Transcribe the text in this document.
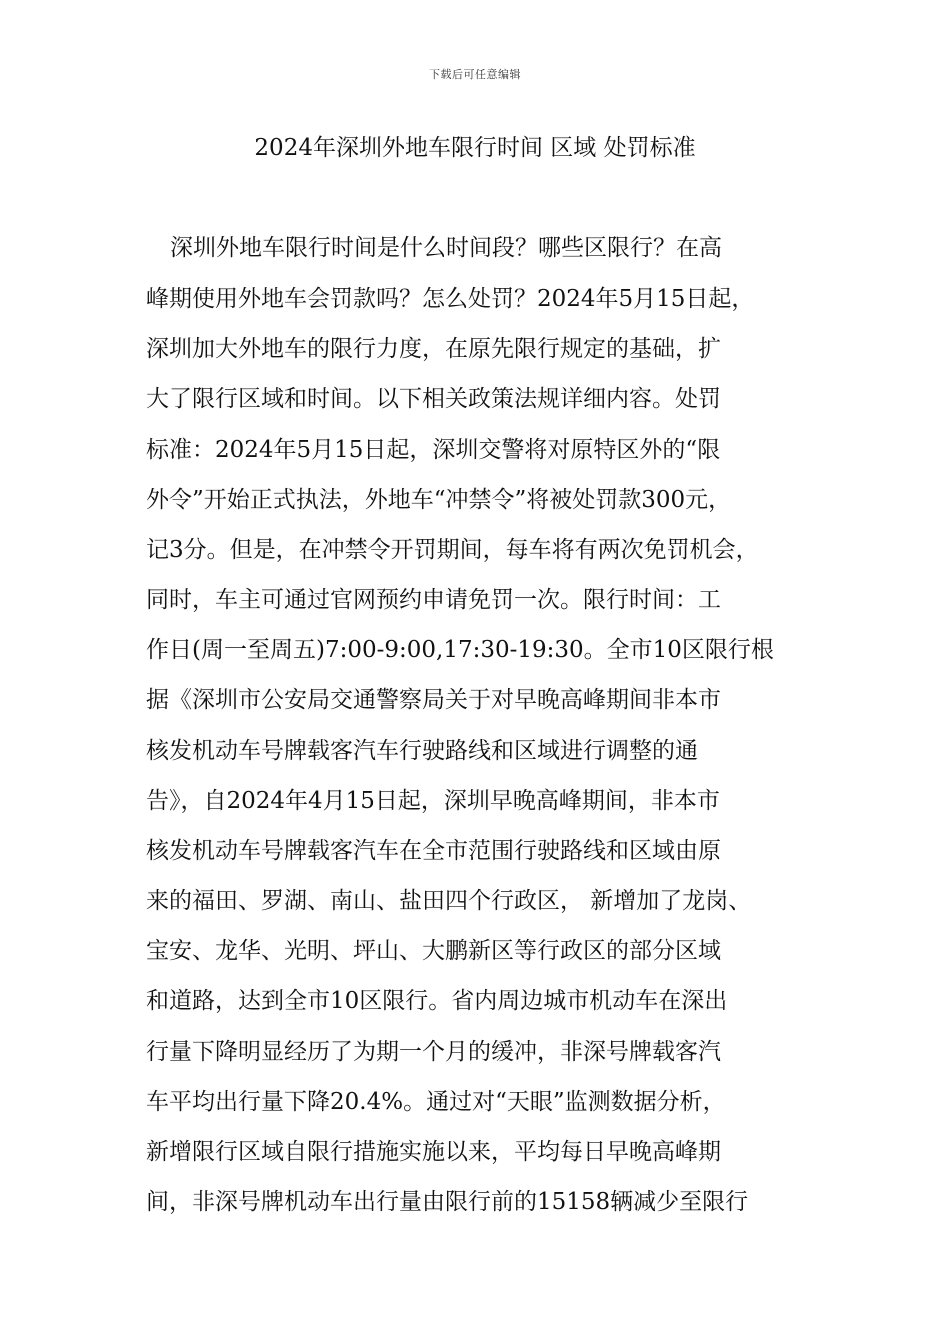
下载后可任意编辑
2024年深圳外地车限行时间 区域 处罚标准
深圳外地车限行时间是什么时间段？哪些区限行？在高
峰期使用外地车会罚款吗？怎么处罚？2024年5月15日起，
深圳加大外地车的限行力度，在原先限行规定的基础，扩
大了限行区域和时间。以下相关政策法规详细内容。处罚
标准：2024年5月15日起，深圳交警将对原特区外的“限
外令”开始正式执法，外地车“冲禁令”将被处罚款300元，
记3分。但是，在冲禁令开罚期间，每车将有两次免罚机会，
同时，车主可通过官网预约申请免罚一次。限行时间：工
作日(周一至周五)7:00-9:00,17:30-19:30。全市10区限行根
据《深圳市公安局交通警察局关于对早晚高峰期间非本市
核发机动车号牌载客汽车行驶路线和区域进行调整的通
告》，自2024年4月15日起，深圳早晚高峰期间，非本市
核发机动车号牌载客汽车在全市范围行驶路线和区域由原
来的福田、罗湖、南山、盐田四个行政区， 新增加了龙岗、
宝安、龙华、光明、坪山、大鹏新区等行政区的部分区域
和道路，达到全市10区限行。省内周边城市机动车在深出
行量下降明显经历了为期一个月的缓冲，非深号牌载客汽
车平均出行量下降20.4%。通过对“天眼”监测数据分析，
新增限行区域自限行措施实施以来，平均每日早晚高峰期
间，非深号牌机动车出行量由限行前的15158辆减少至限行
